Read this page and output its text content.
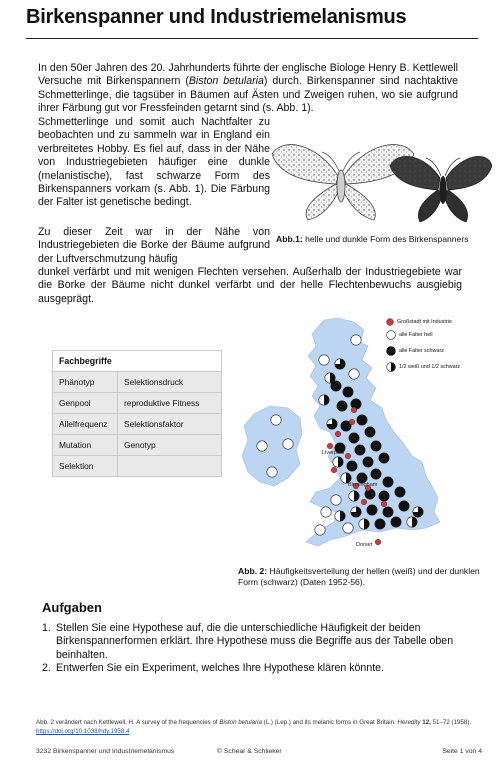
Birkenspanner und Industriemelanismus
In den 50er Jahren des 20. Jahrhunderts führte der englische Biologe Henry B. Kettlewell Versuche mit Birkenspannern (Biston betularia) durch. Birkenspanner sind nachtaktive Schmetterlinge, die tagsüber in Bäumen auf Ästen und Zweigen ruhen, wo sie aufgrund ihrer Färbung gut vor Fressfeinden getarnt sind (s. Abb. 1).
Schmetterlinge und somit auch Nachtfalter zu beobachten und zu sammeln war in England ein verbreitetes Hobby. Es fiel auf, dass in der Nähe von Industriegebieten häufiger eine dunkle (melanistische), fast schwarze Form des Birkenspanners vorkam (s. Abb. 1). Die Färbung der Falter ist genetische bedingt.
Abb.1: helle und dunkle Form des Birkenspanners
Zu dieser Zeit war in der Nähe von Industriegebieten die Borke der Bäume aufgrund der Luftverschmutzung häufig
dunkel verfärbt und mit wenigen Flechten versehen. Außerhalb der Industriegebiete war die Borke der Bäume nicht dunkel verfärbt und der helle Flechtenbewuchs ausgiebig ausgeprägt.
Fachbegriffe	
Phänotyp	Selektionsdruck
Genpool	reproduktive Fitness
Allelfrequenz	Selektionsfaktor
Mutation	Genotyp
Selektion	
Liverpool
Birmingham
Dorset
Großstadt mit Industrie
alle Falter hell
alle Falter schwarz
1/2 weiß und 1/2 schwarz
Abb. 2: Häufigkeitsverteilung der hellen (weiß) und der dunklen Form (schwarz) (Daten 1952-56).
Aufgaben
1. Stellen Sie eine Hypothese auf, die die unterschiedliche Häufigkeit der beiden Birkenspannerformen erklärt. Ihre Hypothese muss die Begriffe aus der Tabelle oben beinhalten.
2. Entwerfen Sie ein Experiment, welches Ihre Hypothese klären könnte.
Abb. 2 verändert nach Kettlewell, H. A survey of the frequencies of Biston betularia (L.) (Lep.) and its melanic forms in Great Britain. Heredity 12, 51–72 (1958). https://doi.org/10.1038/hdy.1958.4
3232 Birkenspanner und Industriemelanismus	© Schear & Schlieker	Seite 1 von 4
